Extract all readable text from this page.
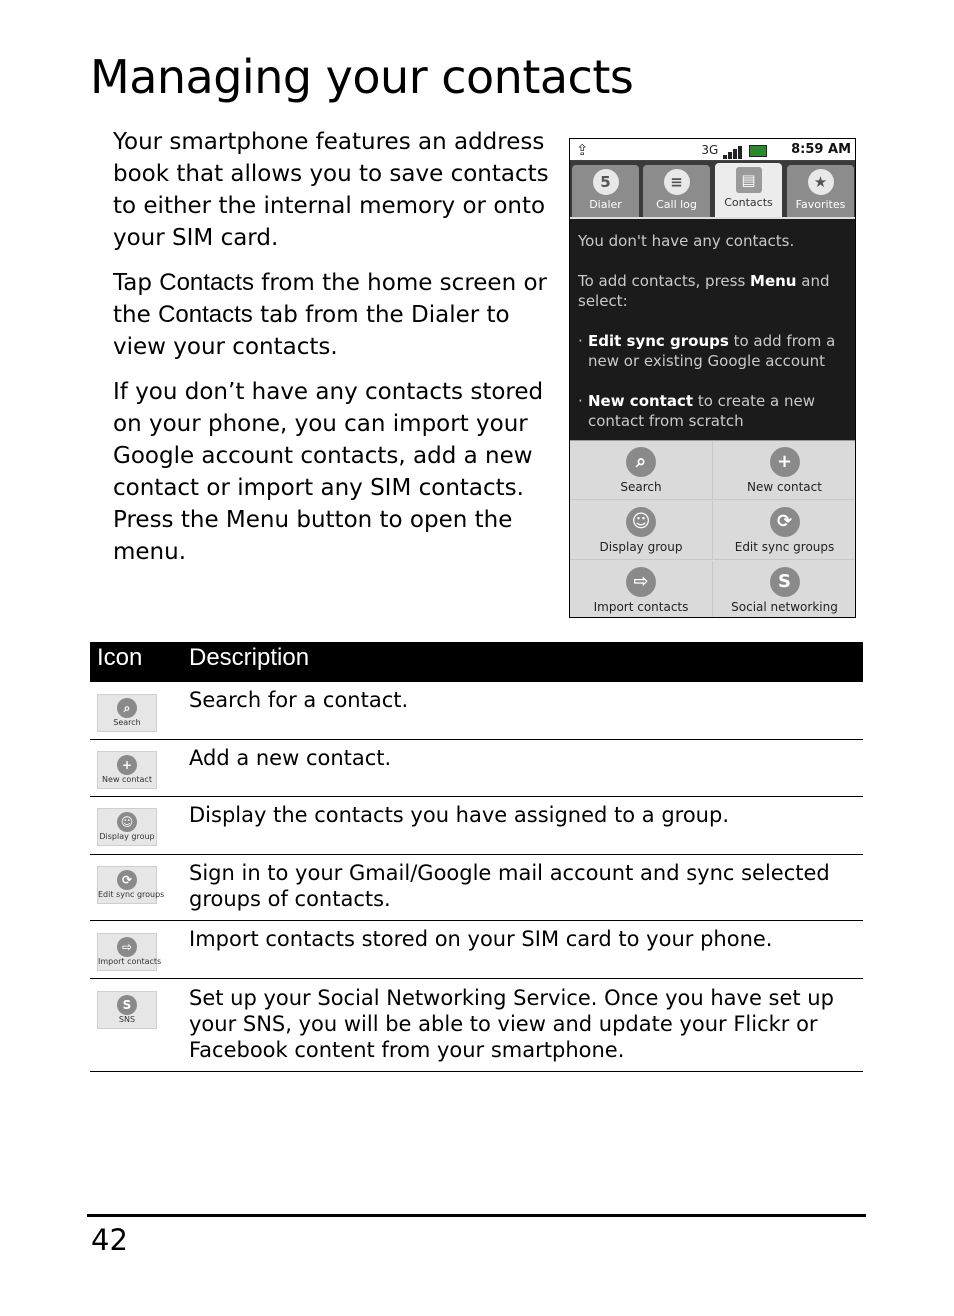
Managing your contacts

Your smartphone features an address book that allows you to save contacts to either the internal memory or onto your SIM card.

Tap Contacts from the home screen or the Contacts tab from the Dialer to view your contacts.

If you don’t have any contacts stored on your phone, you can import your Google account contacts, add a new contact or import any SIM contacts. Press the Menu button to open the menu.

⇪	3G	8:59 AM
5
Dialer
≡
Call log
▤
Contacts
★
Favorites

You don't have any contacts.

To add contacts, press Menu and select:

· Edit sync groups to add from a new or existing Google account

· New contact to create a new contact from scratch

⌕
Search
+
New contact
☺
Display group
⟳
Edit sync groups
⇨
Import contacts
S
Social networking
Icon Description
⌕
Search
Search for a contact.
+
New contact
Add a new contact.
☺
Display group
Display the contacts you have assigned to a group.
⟳
Edit sync groups
Sign in to your Gmail/Google mail account and sync selected groups of contacts.
⇨
Import contacts
Import contacts stored on your SIM card to your phone.
S
SNS
Set up your Social Networking Service. Once you have set up your SNS, you will be able to view and update your Flickr or Facebook content from your smartphone.
42
